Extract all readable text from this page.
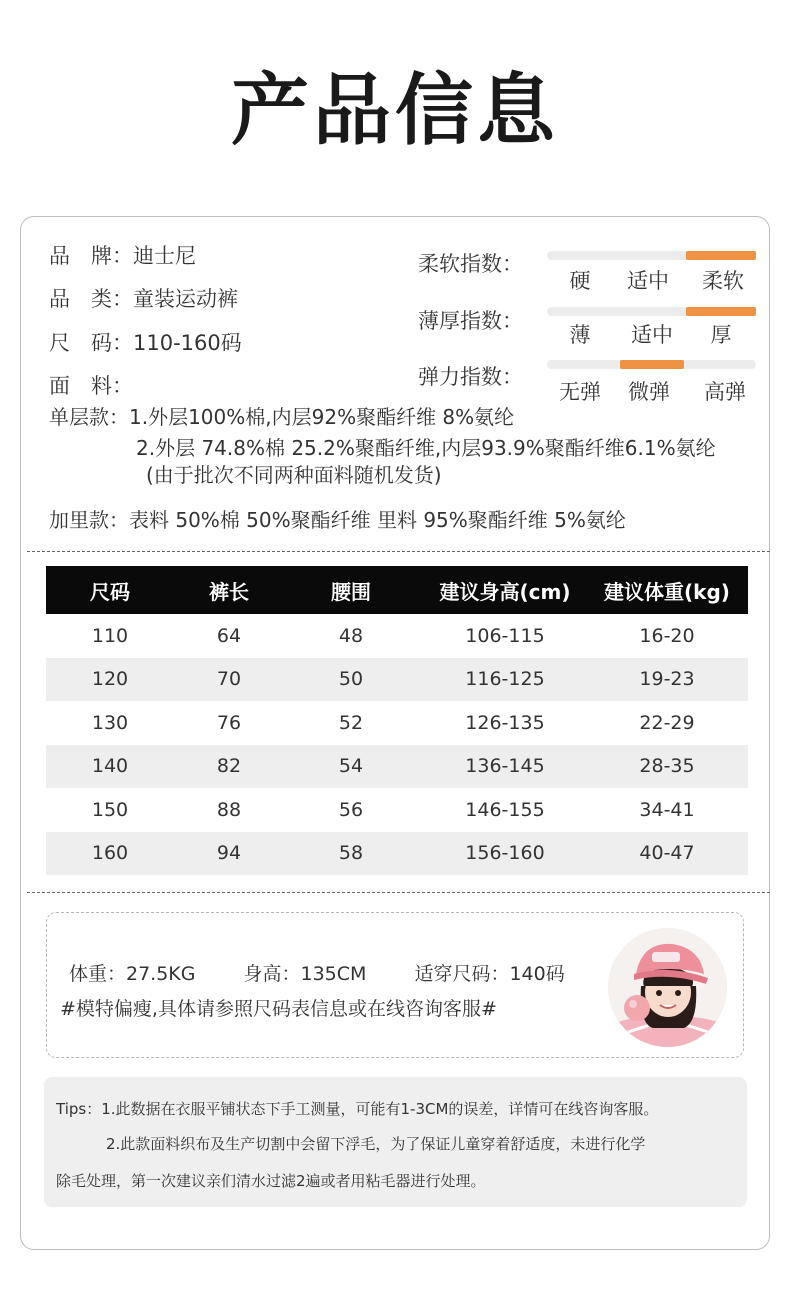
产品信息
品　牌：迪士尼
品　类：童装运动裤
尺　码：110-160码
面　料：
单层款：1.外层100%棉,内层92%聚酯纤维 8%氨纶
2.外层 74.8%棉 25.2%聚酯纤维,内层93.9%聚酯纤维6.1%氨纶
(由于批次不同两种面料随机发货)
加里款：表料 50%棉 50%聚酯纤维 里料 95%聚酯纤维 5%氨纶
柔软指数：
硬	适中	柔软
薄厚指数：
薄	适中	厚
弹力指数：
无弹	微弹	高弹
尺码	裤长	腰围	建议身高(cm)	建议体重(kg)
110	64	48	106-115	16-20
120	70	50	116-125	19-23
130	76	52	126-135	22-29
140	82	54	136-145	28-35
150	88	56	146-155	34-41
160	94	58	156-160	40-47
体重：27.5KG	身高：135CM	适穿尺码：140码
#模特偏瘦,具体请参照尺码表信息或在线咨询客服#

Tips：1.此数据在衣服平铺状态下手工测量，可能有1-3CM的误差，详情可在线咨询客服。

2.此款面料织布及生产切割中会留下浮毛，为了保证儿童穿着舒适度，未进行化学

除毛处理，第一次建议亲们清水过滤2遍或者用粘毛器进行处理。
